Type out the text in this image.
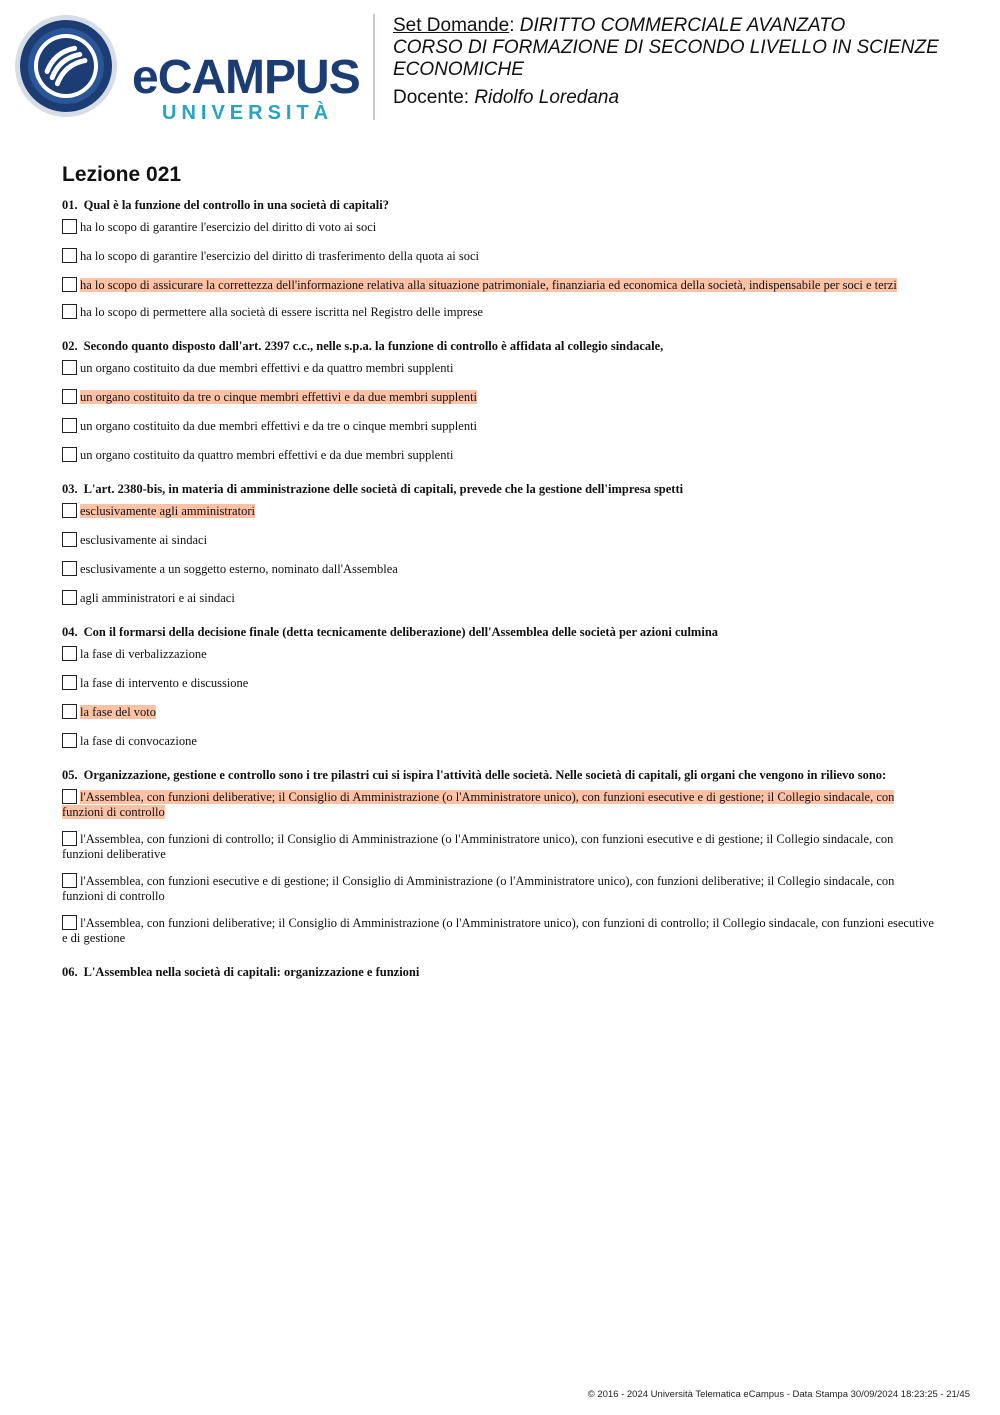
eCAMPUS
UNIVERSITÀ
Set Domande: DIRITTO COMMERCIALE AVANZATO
CORSO DI FORMAZIONE DI SECONDO LIVELLO IN SCIENZE ECONOMICHE
Docente: Ridolfo Loredana
Lezione 021
01. Qual è la funzione del controllo in una società di capitali?
ha lo scopo di garantire l'esercizio del diritto di voto ai soci
ha lo scopo di garantire l'esercizio del diritto di trasferimento della quota ai soci
ha lo scopo di assicurare la correttezza dell'informazione relativa alla situazione patrimoniale, finanziaria ed economica della società, indispensabile per soci e terzi
ha lo scopo di permettere alla società di essere iscritta nel Registro delle imprese
02. Secondo quanto disposto dall'art. 2397 c.c., nelle s.p.a. la funzione di controllo è affidata al collegio sindacale,
un organo costituito da due membri effettivi e da quattro membri supplenti
un organo costituito da tre o cinque membri effettivi e da due membri supplenti
un organo costituito da due membri effettivi e da tre o cinque membri supplenti
un organo costituito da quattro membri effettivi e da due membri supplenti
03. L'art. 2380-bis, in materia di amministrazione delle società di capitali, prevede che la gestione dell'impresa spetti
esclusivamente agli amministratori
esclusivamente ai sindaci
esclusivamente a un soggetto esterno, nominato dall'Assemblea
agli amministratori e ai sindaci
04. Con il formarsi della decisione finale (detta tecnicamente deliberazione) dell'Assemblea delle società per azioni culmina
la fase di verbalizzazione
la fase di intervento e discussione
la fase del voto
la fase di convocazione
05. Organizzazione, gestione e controllo sono i tre pilastri cui si ispira l'attività delle società. Nelle società di capitali, gli organi che vengono in rilievo sono:
l'Assemblea, con funzioni deliberative; il Consiglio di Amministrazione (o l'Amministratore unico), con funzioni esecutive e di gestione; il Collegio sindacale, con funzioni di controllo
l'Assemblea, con funzioni di controllo; il Consiglio di Amministrazione (o l'Amministratore unico), con funzioni esecutive e di gestione; il Collegio sindacale, con funzioni deliberative
l'Assemblea, con funzioni esecutive e di gestione; il Consiglio di Amministrazione (o l'Amministratore unico), con funzioni deliberative; il Collegio sindacale, con funzioni di controllo
l'Assemblea, con funzioni deliberative; il Consiglio di Amministrazione (o l'Amministratore unico), con funzioni di controllo; il Collegio sindacale, con funzioni esecutive e di gestione
06. L'Assemblea nella società di capitali: organizzazione e funzioni
© 2016 - 2024 Università Telematica eCampus - Data Stampa 30/09/2024 18:23:25 - 21/45
